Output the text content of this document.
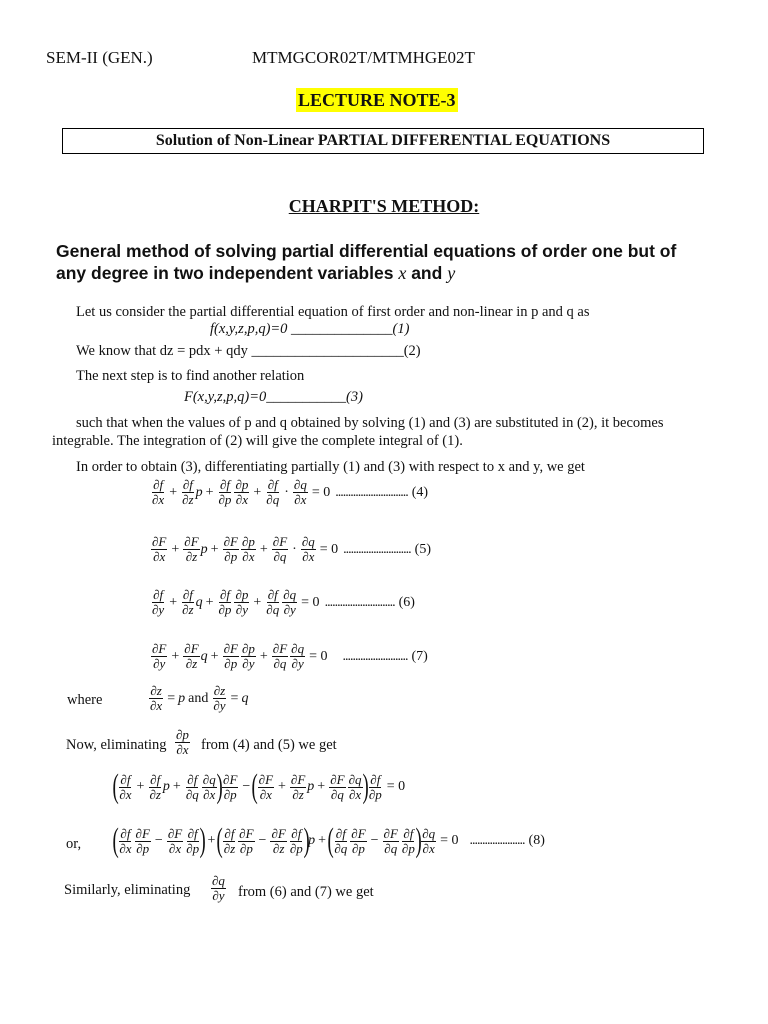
SEM-II (GEN.)	MTMGCOR02T/MTMHGE02T
LECTURE NOTE-3
Solution of Non-Linear PARTIAL DIFFERENTIAL EQUATIONS
CHARPIT'S METHOD:
General method of solving partial differential equations of order one but of
any degree in two independent variables x and y
Let us consider the partial differential equation of first order and non-linear in p and q as
f(x,y,z,p,q)=0 ______________(1)
We know that dz = pdx + qdy _____________________(2)
The next step is to find another relation
F(x,y,z,p,q)=0___________(3)
such that when the values of p and q obtained by solving (1) and (3) are substituted in (2), it becomes
integrable. The integration of (2) will give the complete integral of (1).
In order to obtain (3), differentiating partially (1) and (3) with respect to x and y, we get
∂f
$\partial x + \frac{\partial f}{\partial z}$ $p + \frac{\partial f}{\partial p} \partial p$
$\partial x + \frac{\partial f}{\partial q} \cdot \frac{\partial q}{\partial x} = 0$ ............................. (4)
∂F
$\partial x + \frac{\partial F}{\partial z}$ $p + \frac{\partial F}{\partial p} \partial p$
$\partial x + \frac{\partial F}{\partial q} \cdot \frac{\partial q}{\partial x} = 0$ ........................... (5)
∂f
$\partial y + \frac{\partial f}{\partial z}$ $q + \frac{\partial f}{\partial p} \partial p$
$\partial y + \frac{\partial f}{\partial q} \frac{\partial q}{\partial y} = 0$ ............................ (6)
∂F
$\partial y + \frac{\partial F}{\partial z}$ $q + \frac{\partial F}{\partial p} \partial p$
$\partial y + \frac{\partial F}{\partial q} \frac{\partial q}{\partial y} = 0$ .......................... (7)
where	$\frac{\partial z}{\partial x} = p$ and $\frac{\partial z}{\partial y} = q$
Now, eliminating
∂p
∂x from (4) and (5) we get
( ∂f
$\partial x + \frac{\partial f}{\partial z}$ $p + \frac{\partial f}{\partial q} \partial q$
∂x ) ∂F
∂p − ( ∂F
$\partial x + \frac{\partial F}{\partial z}$ $p + \frac{\partial F}{\partial q} \partial q$
∂x ) $\frac{\partial f}{\partial p} = 0$
or, ( ∂f
∂x
∂F
$\partial p - \frac{\partial F}{\partial x} \partial f$
∂p ) + ( ∂f
∂z
∂F
$\partial p - \frac{\partial F}{\partial z} \partial f$
∂p )
p + ( ∂f
∂q
∂F
$\partial p - \frac{\partial F}{\partial q} \partial f$
∂p ) $\frac{\partial q}{\partial x} = 0$ ...................... (8)
Similarly, eliminating
∂q
∂y from (6) and (7) we get
